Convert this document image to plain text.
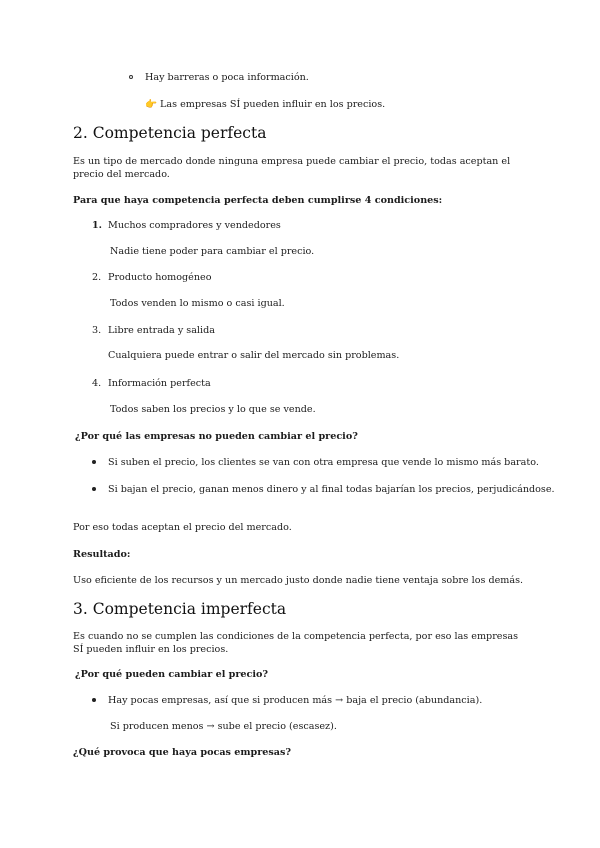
Hay barreras o poca información.
👉 Las empresas SÍ pueden influir en los precios.
2. Competencia perfecta
Es un tipo de mercado donde ninguna empresa puede cambiar el precio, todas aceptan el precio del mercado.
Para que haya competencia perfecta deben cumplirse 4 condiciones:
1. Muchos compradores y vendedores
Nadie tiene poder para cambiar el precio.
2. Producto homogéneo
Todos venden lo mismo o casi igual.
3. Libre entrada y salida
Cualquiera puede entrar o salir del mercado sin problemas.
4. Información perfecta
Todos saben los precios y lo que se vende.
¿Por qué las empresas no pueden cambiar el precio?
Si suben el precio, los clientes se van con otra empresa que vende lo mismo más barato.
Si bajan el precio, ganan menos dinero y al final todas bajarían los precios, perjudicándose.
Por eso todas aceptan el precio del mercado.
Resultado:
Uso eficiente de los recursos y un mercado justo donde nadie tiene ventaja sobre los demás.
3. Competencia imperfecta
Es cuando no se cumplen las condiciones de la competencia perfecta, por eso las empresas SÍ pueden influir en los precios.
¿Por qué pueden cambiar el precio?
Hay pocas empresas, así que si producen más → baja el precio (abundancia).
Si producen menos → sube el precio (escasez).
¿Qué provoca que haya pocas empresas?
